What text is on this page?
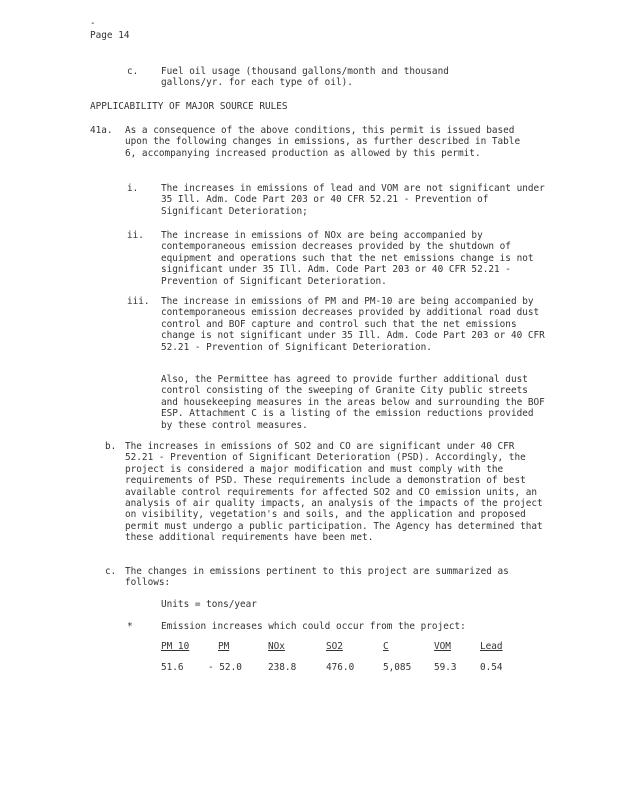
-
Page 14
c. Fuel oil usage (thousand gallons/month and thousand gallons/yr. for each type of oil).
APPLICABILITY OF MAJOR SOURCE RULES
41a. As a consequence of the above conditions, this permit is issued based upon the following changes in emissions, as further described in Table 6, accompanying increased production as allowed by this permit.
i. The increases in emissions of lead and VOM are not significant under 35 Ill. Adm. Code Part 203 or 40 CFR 52.21 - Prevention of Significant Deterioration;
ii. The increase in emissions of NOx are being accompanied by contemporaneous emission decreases provided by the shutdown of equipment and operations such that the net emissions change is not significant under 35 Ill. Adm. Code Part 203 or 40 CFR 52.21 - Prevention of Significant Deterioration.
iii. The increase in emissions of PM and PM-10 are being accompanied by contemporaneous emission decreases provided by additional road dust control and BOF capture and control such that the net emissions change is not significant under 35 Ill. Adm. Code Part 203 or 40 CFR 52.21 - Prevention of Significant Deterioration.
Also, the Permittee has agreed to provide further additional dust control consisting of the sweeping of Granite City public streets and housekeeping measures in the areas below and surrounding the BOF ESP. Attachment C is a listing of the emission reductions provided by these control measures.
b. The increases in emissions of SO2 and CO are significant under 40 CFR 52.21 - Prevention of Significant Deterioration (PSD). Accordingly, the project is considered a major modification and must comply with the requirements of PSD. These requirements include a demonstration of best available control requirements for affected SO2 and CO emission units, an analysis of air quality impacts, an analysis of the impacts of the project on visibility, vegetation's and soils, and the application and proposed permit must undergo a public participation. The Agency has determined that these additional requirements have been met.
c. The changes in emissions pertinent to this project are summarized as follows:
Units = tons/year
*	Emission increases which could occur from the project:
PM 10	PM	NOx	SO2	C	VOM	Lead
51.6	- 52.0	238.8	476.0	5,085 59.3 0.54
